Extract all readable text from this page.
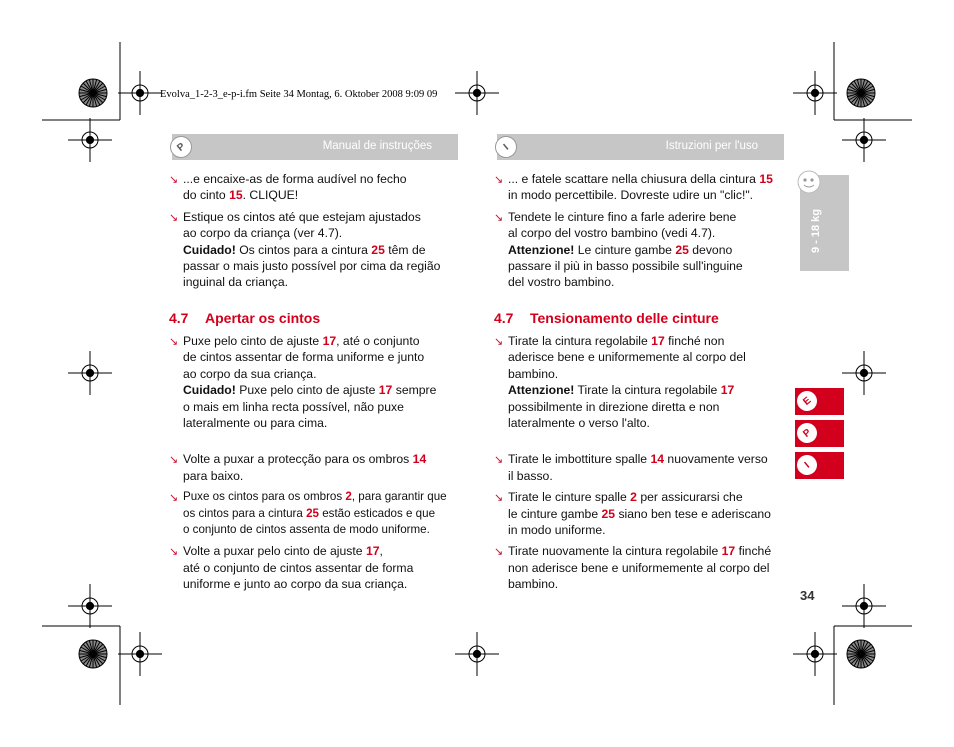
Evolva_1-2-3_e-p-i.fm Seite 34 Montag, 6. Oktober 2008 9:09 09
P	Manual de instruções
↘ ...e encaixe-as de forma audível no fecho
do cinto 15. CLIQUE!
↘ Estique os cintos até que estejam ajustados
ao corpo da criança (ver 4.7).
Cuidado! Os cintos para a cintura 25 têm de
passar o mais justo possível por cima da região
inguinal da criança.
4.7 Apertar os cintos
↘ Puxe pelo cinto de ajuste 17, até o conjunto
de cintos assentar de forma uniforme e junto
ao corpo da sua criança.
Cuidado! Puxe pelo cinto de ajuste 17 sempre
o mais em linha recta possível, não puxe
lateralmente ou para cima.
↘ Volte a puxar a protecção para os ombros 14
para baixo.
↘ Puxe os cintos para os ombros 2, para garantir que
os cintos para a cintura 25 estão esticados e que
o conjunto de cintos assenta de modo uniforme.
↘ Volte a puxar pelo cinto de ajuste 17,
até o conjunto de cintos assentar de forma
uniforme e junto ao corpo da sua criança.
I	Istruzioni per l'uso
↘ ... e fatele scattare nella chiusura della cintura 15
in modo percettibile. Dovreste udire un "clic!".
↘ Tendete le cinture fino a farle aderire bene
al corpo del vostro bambino (vedi 4.7).
Attenzione! Le cinture gambe 25 devono
passare il più in basso possibile sull'inguine
del vostro bambino.
4.7 Tensionamento delle cinture
↘ Tirate la cintura regolabile 17 finché non
aderisce bene e uniformemente al corpo del
bambino.
Attenzione! Tirate la cintura regolabile 17
possibilmente in direzione diretta e non
lateralmente o verso l'alto.
↘ Tirate le imbottiture spalle 14 nuovamente verso
il basso.
↘ Tirate le cinture spalle 2 per assicurarsi che
le cinture gambe 25 siano ben tese e aderiscano
in modo uniforme.
↘ Tirate nuovamente la cintura regolabile 17 finché
non aderisce bene e uniformemente al corpo del
bambino.
9 - 18 kg
E
P
I
34
